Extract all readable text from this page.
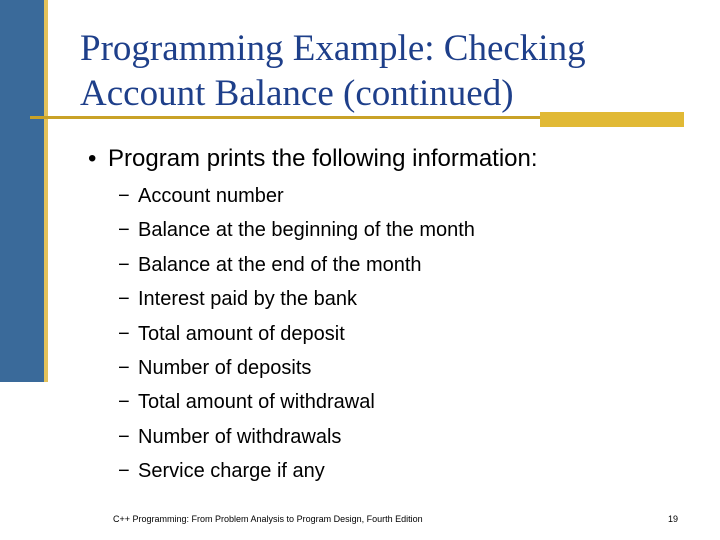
Programming Example: Checking
Account Balance (continued)
• Program prints the following information:
− Account number
− Balance at the beginning of the month
− Balance at the end of the month
− Interest paid by the bank
− Total amount of deposit
− Number of deposits
− Total amount of withdrawal
− Number of withdrawals
− Service charge if any
C++ Programming: From Problem Analysis to Program Design, Fourth Edition	19
